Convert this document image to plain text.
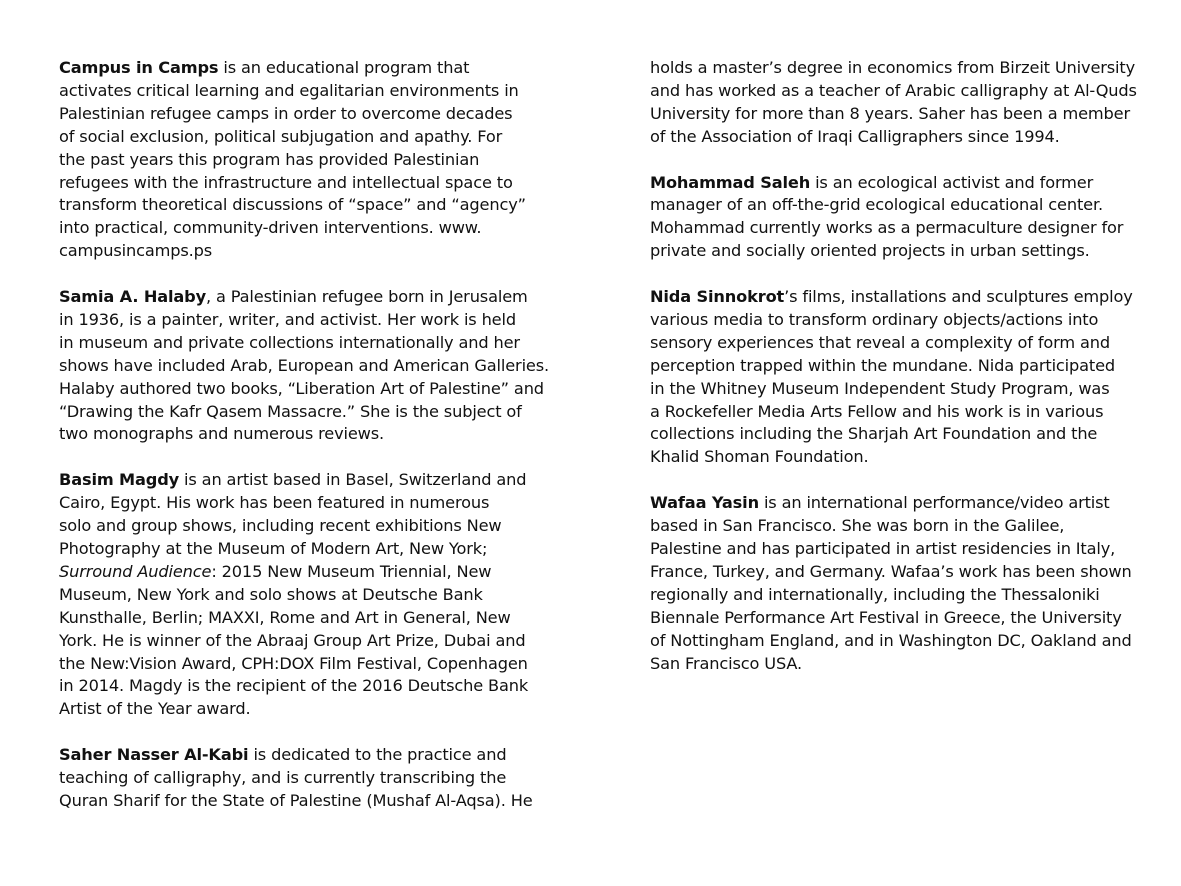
Campus in Camps is an educational program that
activates critical learning and egalitarian environments in
Palestinian refugee camps in order to overcome decades
of social exclusion, political subjugation and apathy. For
the past years this program has provided Palestinian
refugees with the infrastructure and intellectual space to
transform theoretical discussions of “space” and “agency”
into practical, community-driven interventions. www.
campusincamps.ps

Samia A. Halaby, a Palestinian refugee born in Jerusalem
in 1936, is a painter, writer, and activist. Her work is held
in museum and private collections internationally and her
shows have included Arab, European and American Galleries.
Halaby authored two books, “Liberation Art of Palestine” and
“Drawing the Kafr Qasem Massacre.” She is the subject of
two monographs and numerous reviews.

Basim Magdy is an artist based in Basel, Switzerland and
Cairo, Egypt. His work has been featured in numerous
solo and group shows, including recent exhibitions New
Photography at the Museum of Modern Art, New York;
Surround Audience: 2015 New Museum Triennial, New
Museum, New York and solo shows at Deutsche Bank
Kunsthalle, Berlin; MAXXI, Rome and Art in General, New
York. He is winner of the Abraaj Group Art Prize, Dubai and
the New:Vision Award, CPH:DOX Film Festival, Copenhagen
in 2014. Magdy is the recipient of the 2016 Deutsche Bank
Artist of the Year award.

Saher Nasser Al-Kabi is dedicated to the practice and
teaching of calligraphy, and is currently transcribing the
Quran Sharif for the State of Palestine (Mushaf Al-Aqsa). He

holds a master’s degree in economics from Birzeit University
and has worked as a teacher of Arabic calligraphy at Al-Quds
University for more than 8 years. Saher has been a member
of the Association of Iraqi Calligraphers since 1994.

Mohammad Saleh is an ecological activist and former
manager of an off-the-grid ecological educational center.
Mohammad currently works as a permaculture designer for
private and socially oriented projects in urban settings.

Nida Sinnokrot’s films, installations and sculptures employ
various media to transform ordinary objects/actions into
sensory experiences that reveal a complexity of form and
perception trapped within the mundane. Nida participated
in the Whitney Museum Independent Study Program, was
a Rockefeller Media Arts Fellow and his work is in various
collections including the Sharjah Art Foundation and the
Khalid Shoman Foundation.

Wafaa Yasin is an international performance/video artist
based in San Francisco. She was born in the Galilee,
Palestine and has participated in artist residencies in Italy,
France, Turkey, and Germany. Wafaa’s work has been shown
regionally and internationally, including the Thessaloniki
Biennale Performance Art Festival in Greece, the University
of Nottingham England, and in Washington DC, Oakland and
San Francisco USA.
